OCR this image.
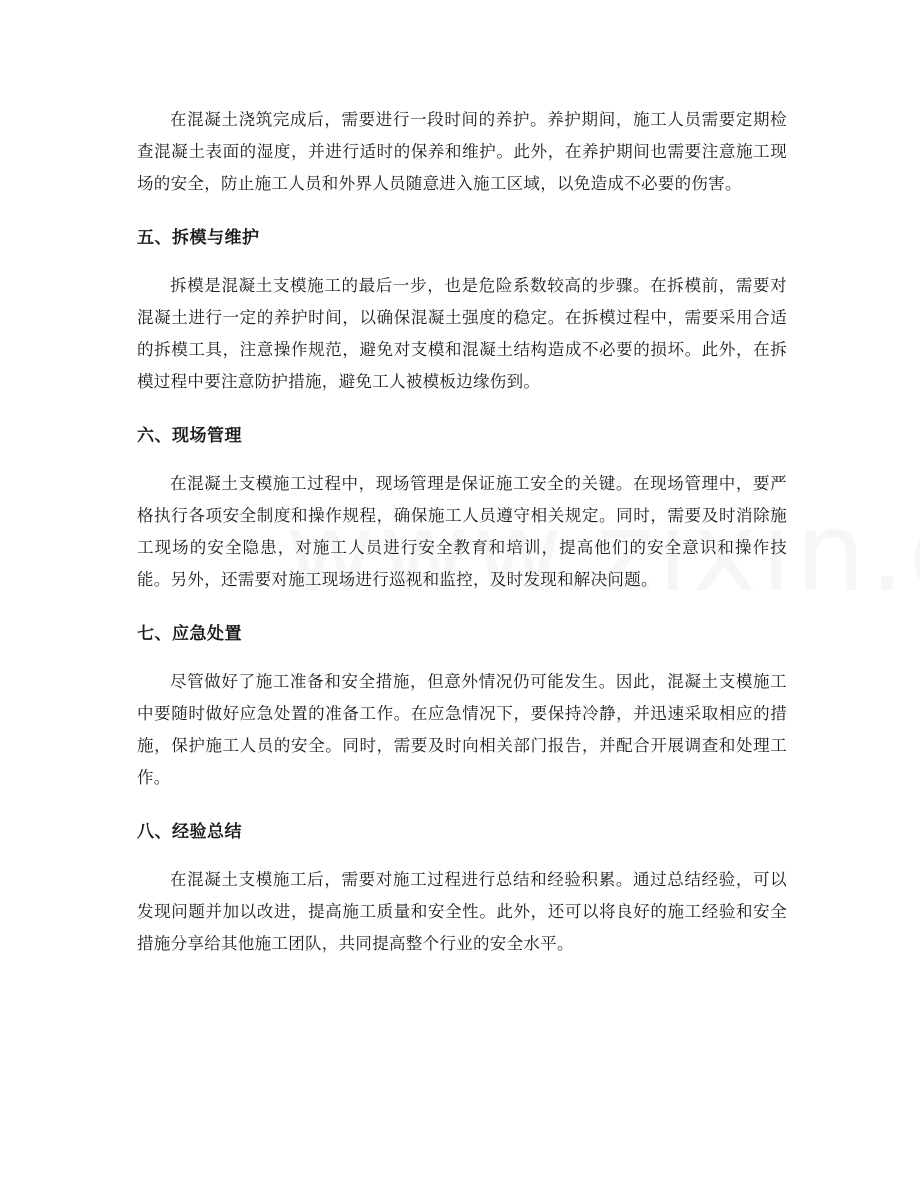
在混凝土浇筑完成后，需要进行一段时间的养护。养护期间，施工人员需要定期检查混凝土表面的湿度，并进行适时的保养和维护。此外，在养护期间也需要注意施工现场的安全，防止施工人员和外界人员随意进入施工区域，以免造成不必要的伤害。

五、拆模与维护

拆模是混凝土支模施工的最后一步，也是危险系数较高的步骤。在拆模前，需要对混凝土进行一定的养护时间，以确保混凝土强度的稳定。在拆模过程中，需要采用合适的拆模工具，注意操作规范，避免对支模和混凝土结构造成不必要的损坏。此外，在拆模过程中要注意防护措施，避免工人被模板边缘伤到。

六、现场管理

在混凝土支模施工过程中，现场管理是保证施工安全的关键。在现场管理中，要严格执行各项安全制度和操作规程，确保施工人员遵守相关规定。同时，需要及时消除施工现场的安全隐患，对施工人员进行安全教育和培训，提高他们的安全意识和操作技能。另外，还需要对施工现场进行巡视和监控，及时发现和解决问题。

七、应急处置

尽管做好了施工准备和安全措施，但意外情况仍可能发生。因此，混凝土支模施工中要随时做好应急处置的准备工作。在应急情况下，要保持冷静，并迅速采取相应的措施，保护施工人员的安全。同时，需要及时向相关部门报告，并配合开展调查和处理工作。

八、经验总结

在混凝土支模施工后，需要对施工过程进行总结和经验积累。通过总结经验，可以发现问题并加以改进，提高施工质量和安全性。此外，还可以将良好的施工经验和安全措施分享给其他施工团队，共同提高整个行业的安全水平。
